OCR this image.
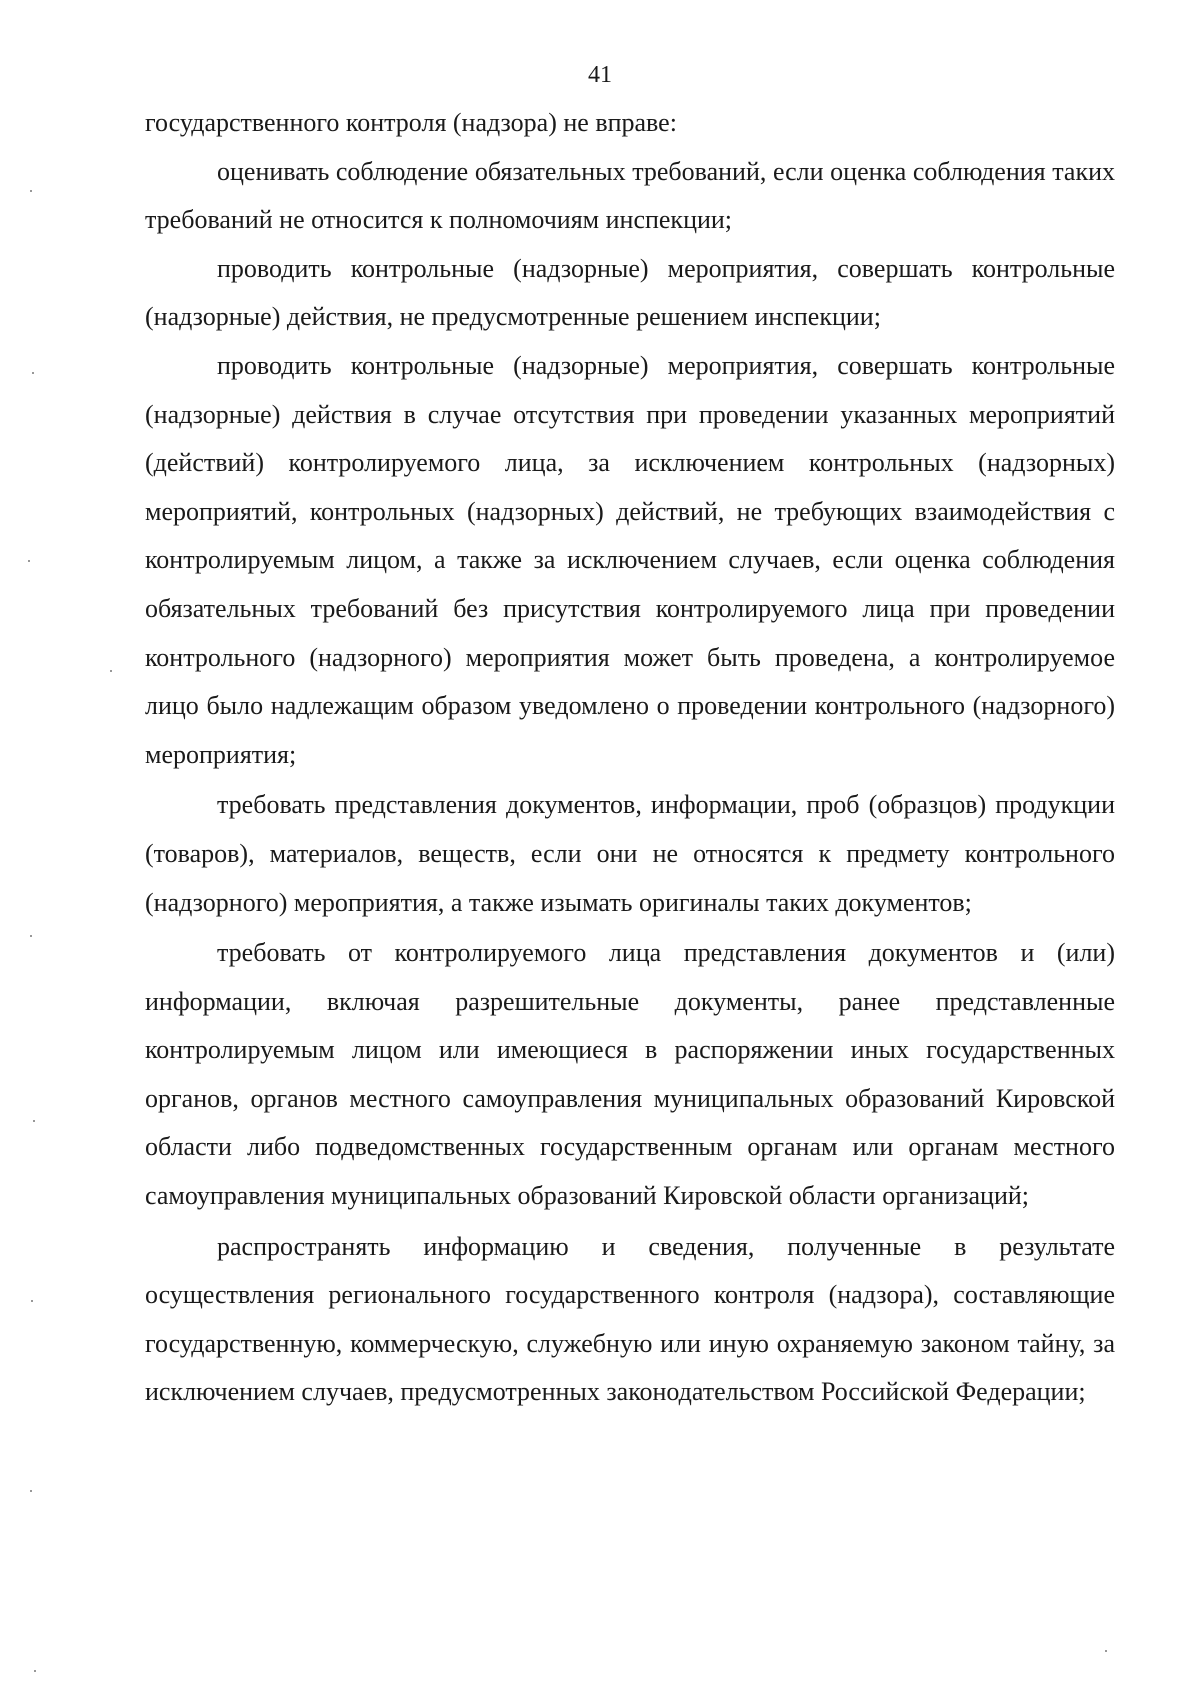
41

государственного контроля (надзора) не вправе:

оценивать соблюдение обязательных требований, если оценка соблюдения таких требований не относится к полномочиям инспекции;

проводить контрольные (надзорные) мероприятия, совершать контрольные (надзорные) действия, не предусмотренные решением инспекции;

проводить контрольные (надзорные) мероприятия, совершать контрольные (надзорные) действия в случае отсутствия при проведении указанных мероприятий (действий) контролируемого лица, за исключением контрольных (надзорных) мероприятий, контрольных (надзорных) действий, не требующих взаимодействия с контролируемым лицом, а также за исключением случаев, если оценка соблюдения обязательных требований без присутствия контролируемого лица при проведении контрольного (надзорного) мероприятия может быть проведена, а контролируемое лицо было надлежащим образом уведомлено о проведении контрольного (надзорного) мероприятия;

требовать представления документов, информации, проб (образцов) продукции (товаров), материалов, веществ, если они не относятся к предмету контрольного (надзорного) мероприятия, а также изымать оригиналы таких документов;

требовать от контролируемого лица представления документов и (или) информации, включая разрешительные документы, ранее представленные контролируемым лицом или имеющиеся в распоряжении иных государственных органов, органов местного самоуправления муниципальных образований Кировской области либо подведомственных государственным органам или органам местного самоуправления муниципальных образований Кировской области организаций;

распространять информацию и сведения, полученные в результате осуществления регионального государственного контроля (надзора), составляющие государственную, коммерческую, служебную или иную охраняемую законом тайну, за исключением случаев, предусмотренных законодательством Российской Федерации;
